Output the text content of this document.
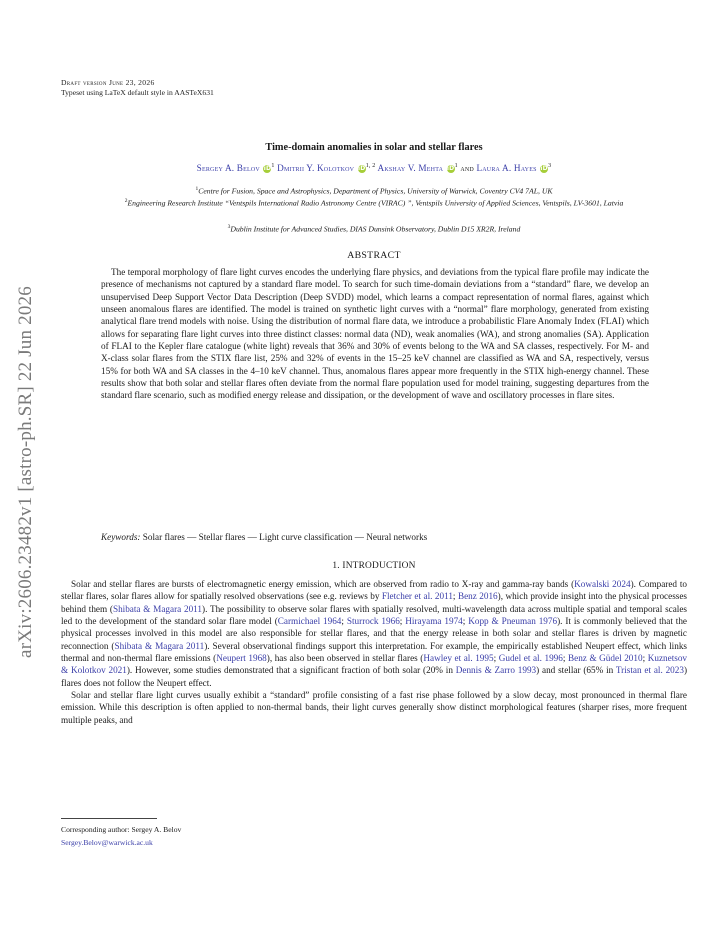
arXiv:2606.23482v1 [astro-ph.SR] 22 Jun 2026
Draft version June 23, 2026
Typeset using LaTeX default style in AASTeX631
Time-domain anomalies in solar and stellar flares
Sergey A. Belov $iD^1$ Dmitrii Y. Kolotkov iD$^{1, 2}$ Akshay V. Mehta $iD^1$ and Laura A. Hayes $iD^3$
$^1$Centre for Fusion, Space and Astrophysics, Department of Physics, University of Warwick, Coventry CV4 7AL, UK
$^2$Engineering Research Institute “Ventspils International Radio Astronomy Centre (VIRAC) ”, Ventspils University of Applied Sciences, Ventspils, LV-3601, Latvia
$^3$Dublin Institute for Advanced Studies, DIAS Dunsink Observatory, Dublin D15 XR2R, Ireland
ABSTRACT
The temporal morphology of flare light curves encodes the underlying flare physics, and deviations from the typical flare profile may indicate the presence of mechanisms not captured by a standard flare model. To search for such time-domain deviations from a “standard” flare, we develop an unsupervised Deep Support Vector Data Description (Deep SVDD) model, which learns a compact representation of normal flares, against which unseen anomalous flares are identified. The model is trained on synthetic light curves with a “normal” flare morphology, generated from existing analytical flare trend models with noise. Using the distribution of normal flare data, we introduce a probabilistic Flare Anomaly Index (FLAI) which allows for separating flare light curves into three distinct classes: normal data (ND), weak anomalies (WA), and strong anomalies (SA). Application of FLAI to the Kepler flare catalogue (white light) reveals that 36% and 30% of events belong to the WA and SA classes, respectively. For M- and X-class solar flares from the STIX flare list, 25% and 32% of events in the 15–25 keV channel are classified as WA and SA, respectively, versus 15% for both WA and SA classes in the 4–10 keV channel. Thus, anomalous flares appear more frequently in the STIX high-energy channel. These results show that both solar and stellar flares often deviate from the normal flare population used for model training, suggesting departures from the standard flare scenario, such as modified energy release and dissipation, or the development of wave and oscillatory processes in flare sites.
Keywords: Solar flares — Stellar flares — Light curve classification — Neural networks
1. INTRODUCTION

Solar and stellar flares are bursts of electromagnetic energy emission, which are observed from radio to X-ray and gamma-ray bands (Kowalski 2024). Compared to stellar flares, solar flares allow for spatially resolved observations (see e.g. reviews by Fletcher et al. 2011; Benz 2016), which provide insight into the physical processes behind them (Shibata & Magara 2011). The possibility to observe solar flares with spatially resolved, multi-wavelength data across multiple spatial and temporal scales led to the development of the standard solar flare model (Carmichael 1964; Sturrock 1966; Hirayama 1974; Kopp & Pneuman 1976). It is commonly believed that the physical processes involved in this model are also responsible for stellar flares, and that the energy release in both solar and stellar flares is driven by magnetic reconnection (Shibata & Magara 2011). Several observational findings support this interpretation. For example, the empirically established Neupert effect, which links thermal and non-thermal flare emissions (Neupert 1968), has also been observed in stellar flares (Hawley et al. 1995; Gudel et al. 1996; Benz & Güdel 2010; Kuznetsov & Kolotkov 2021). However, some studies demonstrated that a significant fraction of both solar (20% in Dennis & Zarro 1993) and stellar (65% in Tristan et al. 2023) flares does not follow the Neupert effect.

Solar and stellar flare light curves usually exhibit a “standard” profile consisting of a fast rise phase followed by a slow decay, most pronounced in thermal flare emission. While this description is often applied to non-thermal bands, their light curves generally show distinct morphological features (sharper rises, more frequent multiple peaks, and

Corresponding author: Sergey A. Belov
Sergey.Belov@warwick.ac.uk
